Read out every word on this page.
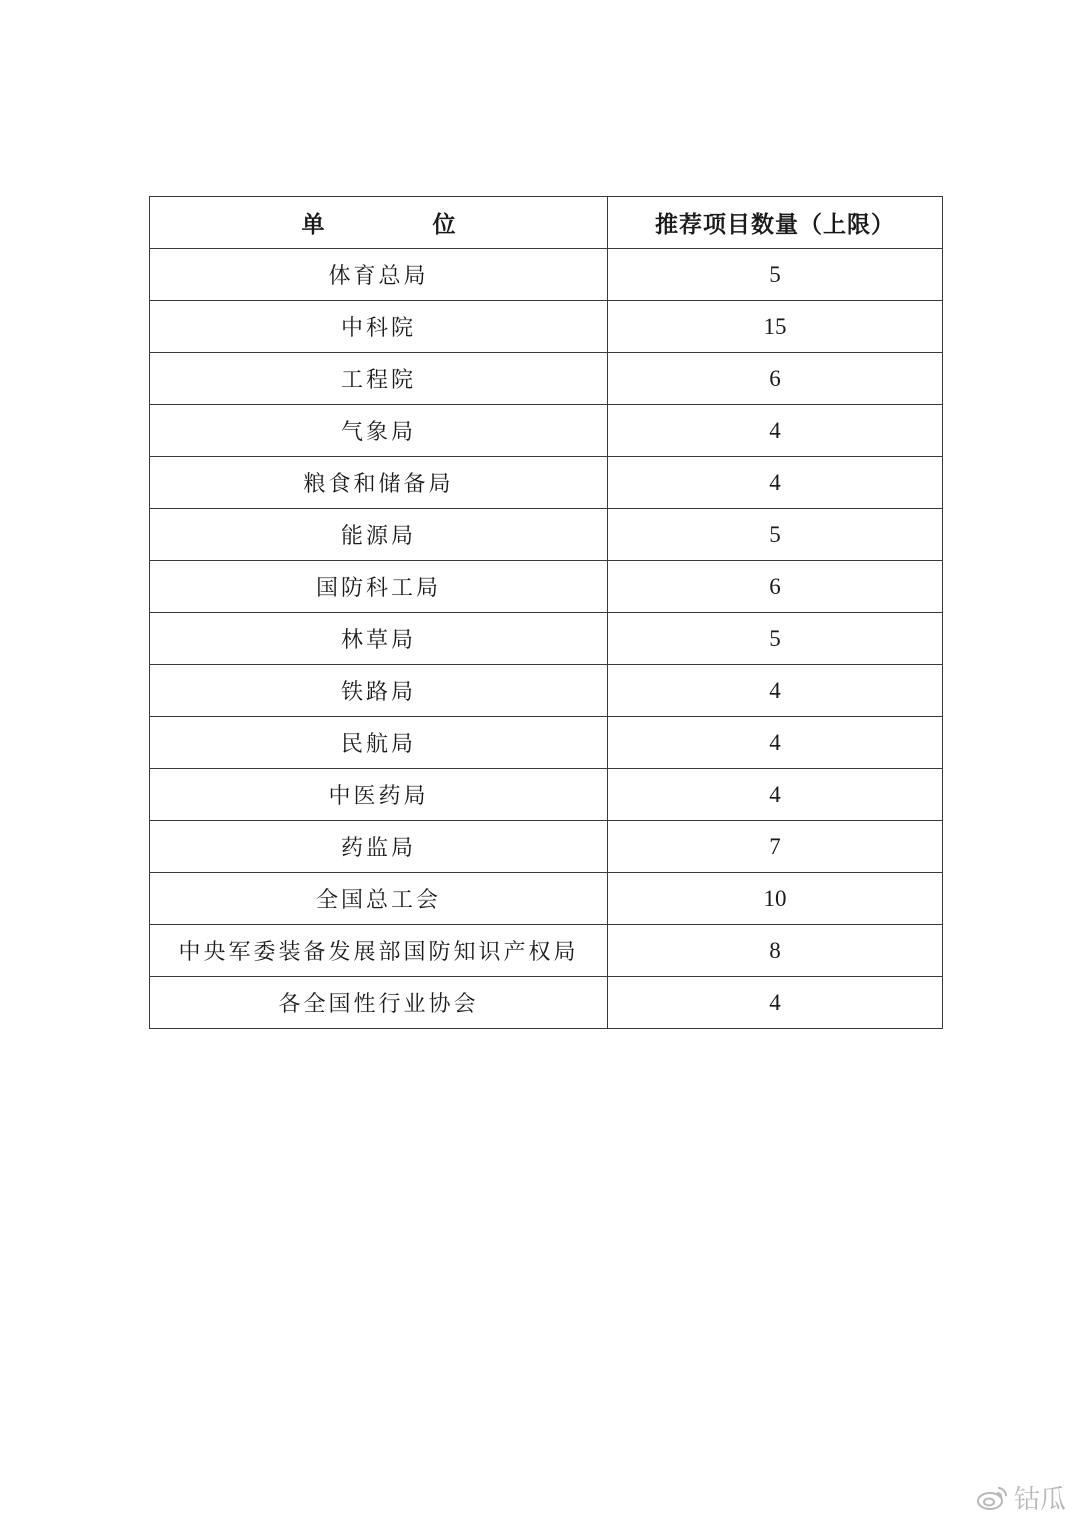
单 位	推荐项目数量（上限）
体育总局	5
中科院	15
工程院	6
气象局	4
粮食和储备局	4
能源局	5
国防科工局	6
林草局	5
铁路局	4
民航局	4
中医药局	4
药监局	7
全国总工会	10
中央军委装备发展部国防知识产权局	8
各全国性行业协会	4
钴瓜
